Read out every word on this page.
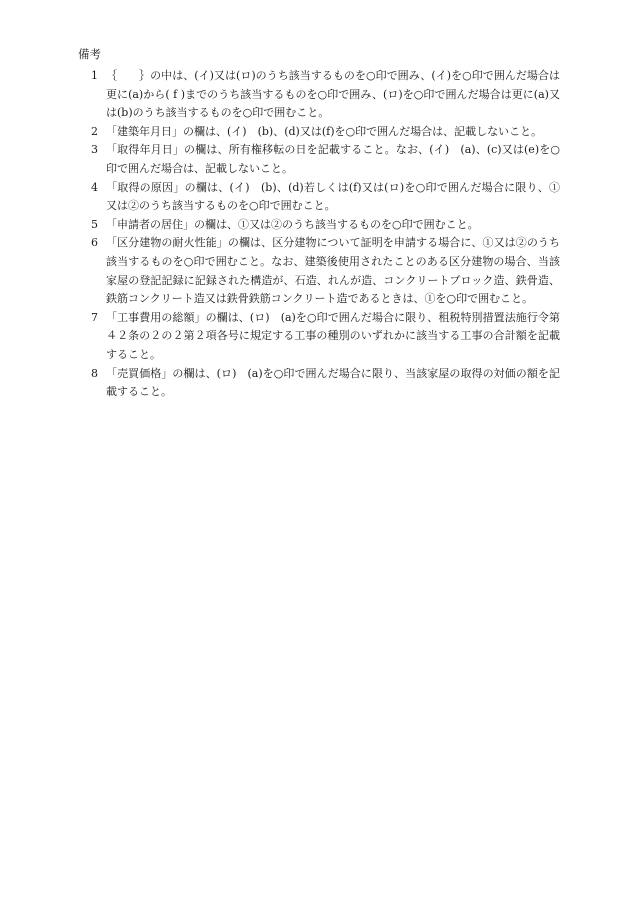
備考
1 ｛　　｝の中は、(イ)又は(ロ)のうち該当するものを○印で囲み、(イ)を○印で囲んだ場合は更に(a)から( f )までのうち該当するものを○印で囲み、(ロ)を○印で囲んだ場合は更に(a)又は(b)のうち該当するものを○印で囲むこと。
2 「建築年月日」の欄は、(イ)　(b)、(d)又は(f)を○印で囲んだ場合は、記載しないこと。
3 「取得年月日」の欄は、所有権移転の日を記載すること。なお、(イ)　(a)、(c)又は(e)を○印で囲んだ場合は、記載しないこと。
4 「取得の原因」の欄は、(イ)　(b)、(d)若しくは(f)又は(ロ)を○印で囲んだ場合に限り、①又は②のうち該当するものを○印で囲むこと。
5 「申請者の居住」の欄は、①又は②のうち該当するものを○印で囲むこと。
6 「区分建物の耐火性能」の欄は、区分建物について証明を申請する場合に、①又は②のうち該当するものを○印で囲むこと。なお、建築後使用されたことのある区分建物の場合、当該家屋の登記記録に記録された構造が、石造、れんが造、コンクリートブロック造、鉄骨造、鉄筋コンクリート造又は鉄骨鉄筋コンクリート造であるときは、①を○印で囲むこと。
7 「工事費用の総額」の欄は、(ロ)　(a)を○印で囲んだ場合に限り、租税特別措置法施行令第４２条の２の２第２項各号に規定する工事の種別のいずれかに該当する工事の合計額を記載すること。
8 「売買価格」の欄は、(ロ)　(a)を○印で囲んだ場合に限り、当該家屋の取得の対価の額を記載すること。
